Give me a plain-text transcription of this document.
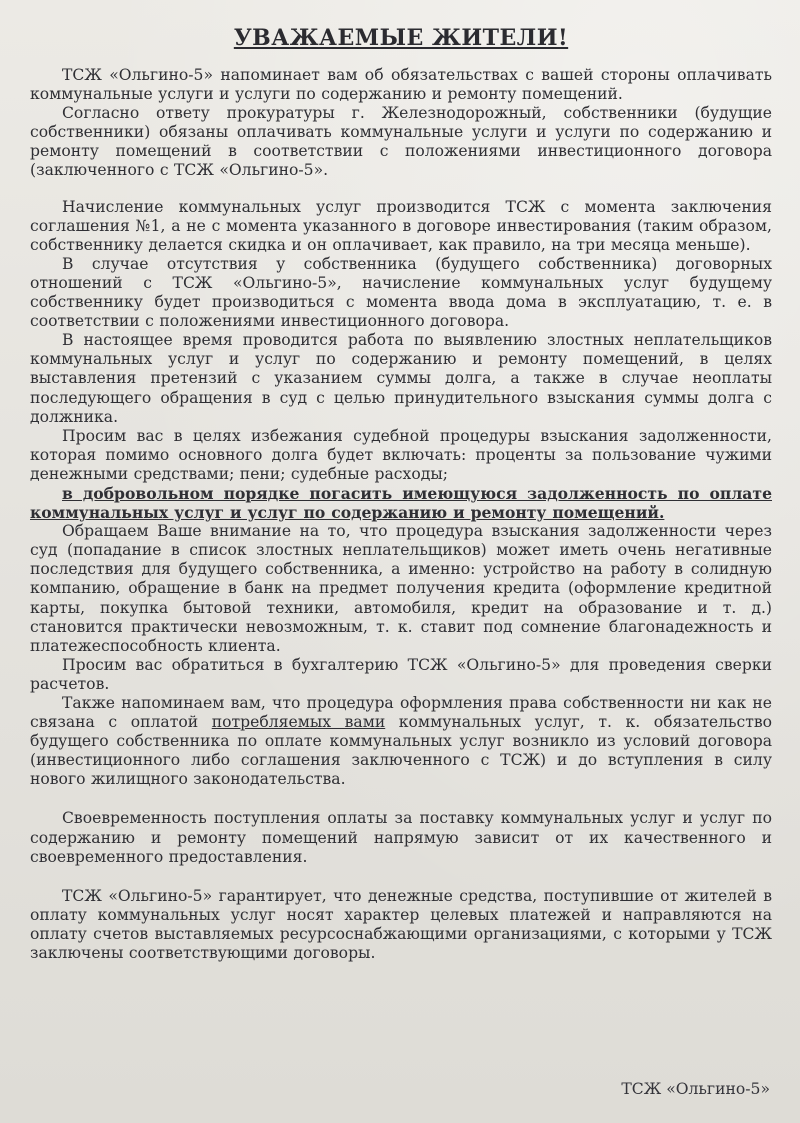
УВАЖАЕМЫЕ ЖИТЕЛИ!

ТСЖ «Ольгино-5» напоминает вам об обязательствах с вашей стороны оплачивать коммунальные услуги и услуги по содержанию и ремонту помещений.

Согласно ответу прокуратуры г. Железнодорожный, собственники (будущие собственники) обязаны оплачивать коммунальные услуги и услуги по содержанию и ремонту помещений в соответствии с положениями инвестиционного договора (заключенного с ТСЖ «Ольгино-5».

Начисление коммунальных услуг производится ТСЖ с момента заключения соглашения №1, а не с момента указанного в договоре инвестирования (таким образом, собственнику делается скидка и он оплачивает, как правило, на три месяца меньше).

В случае отсутствия у собственника (будущего собственника) договорных отношений с ТСЖ «Ольгино-5», начисление коммунальных услуг будущему собственнику будет производиться с момента ввода дома в эксплуатацию, т. е. в соответствии с положениями инвестиционного договора.

В настоящее время проводится работа по выявлению злостных неплательщиков коммунальных услуг и услуг по содержанию и ремонту помещений, в целях выставления претензий с указанием суммы долга, а также в случае неоплаты последующего обращения в суд с целью принудительного взыскания суммы долга с должника.

Просим вас в целях избежания судебной процедуры взыскания задолженности, которая помимо основного долга будет включать: проценты за пользование чужими денежными средствами; пени; судебные расходы;

в добровольном порядке погасить имеющуюся задолженность по оплате коммунальных услуг и услуг по содержанию и ремонту помещений.

Обращаем Ваше внимание на то, что процедура взыскания задолженности через суд (попадание в список злостных неплательщиков) может иметь очень негативные последствия для будущего собственника, а именно: устройство на работу в солидную компанию, обращение в банк на предмет получения кредита (оформление кредитной карты, покупка бытовой техники, автомобиля, кредит на образование и т. д.) становится практически невозможным, т. к. ставит под сомнение благонадежность и платежеспособность клиента.

Просим вас обратиться в бухгалтерию ТСЖ «Ольгино-5» для проведения сверки расчетов.

Также напоминаем вам, что процедура оформления права собственности ни как не связана с оплатой потребляемых вами коммунальных услуг, т. к. обязательство будущего собственника по оплате коммунальных услуг возникло из условий договора (инвестиционного либо соглашения заключенного с ТСЖ) и до вступления в силу нового жилищного законодательства.

Своевременность поступления оплаты за поставку коммунальных услуг и услуг по содержанию и ремонту помещений напрямую зависит от их качественного и своевременного предоставления.

ТСЖ «Ольгино-5» гарантирует, что денежные средства, поступившие от жителей в оплату коммунальных услуг носят характер целевых платежей и направляются на оплату счетов выставляемых ресурсоснабжающими организациями, с которыми у ТСЖ заключены соответствующими договоры.

ТСЖ «Ольгино-5»
